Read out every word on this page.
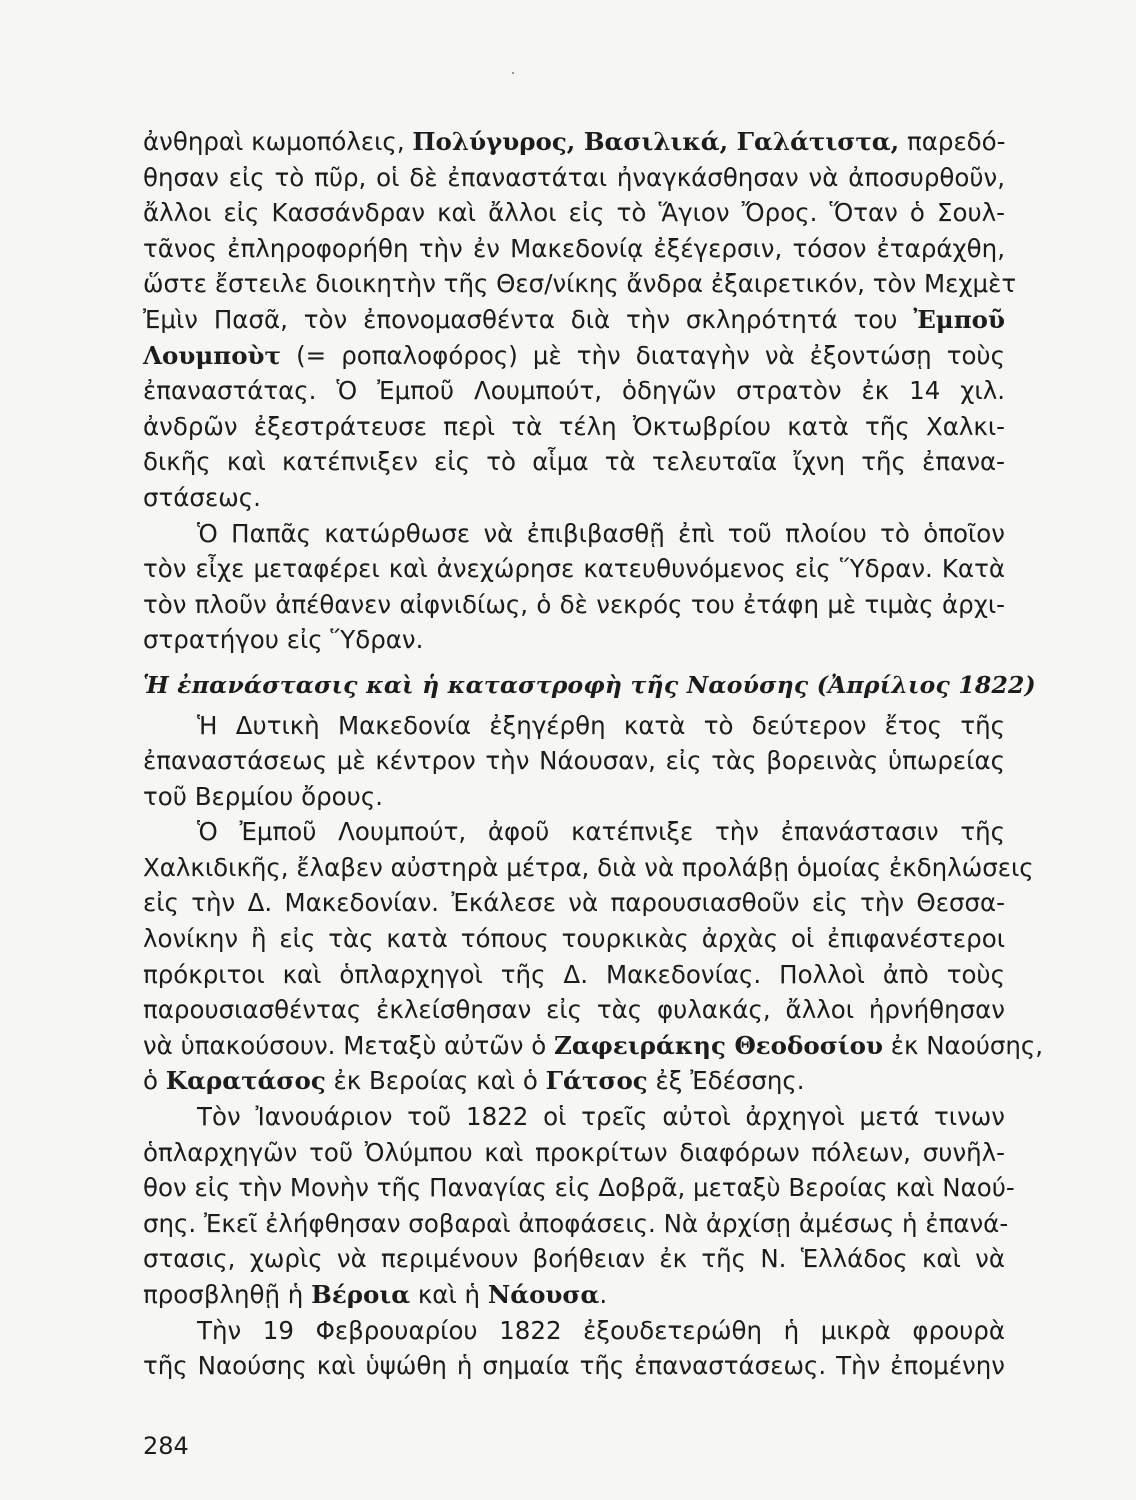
ἀνθηραὶ κωμοπόλεις, Πολύγυρος, Βασιλικά, Γαλάτιστα, παρεδό-
θησαν εἰς τὸ πῦρ, οἱ δὲ ἐπαναστάται ἠναγκάσθησαν νὰ ἀποσυρθοῦν,
ἄλλοι εἰς Κασσάνδραν καὶ ἄλλοι εἰς τὸ Ἅγιον Ὄρος. Ὅταν ὁ Σουλ-
τᾶνος ἐπληροφορήθη τὴν ἐν Μακεδονίᾳ ἐξέγερσιν, τόσον ἐταράχθη,
ὥστε ἔστειλε διοικητὴν τῆς Θεσ/νίκης ἄνδρα ἐξαιρετικόν, τὸν Μεχμὲτ
Ἐμὶν Πασᾶ, τὸν ἐπονομασθέντα διὰ τὴν σκληρότητά του Ἐμποῦ
Λουμποὺτ (= ροπαλοφόρος) μὲ τὴν διαταγὴν νὰ ἐξοντώσῃ τοὺς
ἐπαναστάτας. Ὁ Ἐμποῦ Λουμπούτ, ὁδηγῶν στρατὸν ἐκ 14 χιλ.
ἀνδρῶν ἐξεστράτευσε περὶ τὰ τέλη Ὀκτωβρίου κατὰ τῆς Χαλκι-
δικῆς καὶ κατέπνιξεν εἰς τὸ αἷμα τὰ τελευταῖα ἴχνη τῆς ἐπανα-
στάσεως.
Ὁ Παπᾶς κατώρθωσε νὰ ἐπιβιβασθῇ ἐπὶ τοῦ πλοίου τὸ ὁποῖον
τὸν εἶχε μεταφέρει καὶ ἀνεχώρησε κατευθυνόμενος εἰς Ὕδραν. Κατὰ
τὸν πλοῦν ἀπέθανεν αἰφνιδίως, ὁ δὲ νεκρός του ἐτάφη μὲ τιμὰς ἀρχι-
στρατήγου εἰς Ὕδραν.
Ἡ ἐπανάστασις καὶ ἡ καταστροφὴ τῆς Ναούσης (Ἀπρίλιος 1822)
Ἡ Δυτικὴ Μακεδονία ἐξηγέρθη κατὰ τὸ δεύτερον ἔτος τῆς
ἐπαναστάσεως μὲ κέντρον τὴν Νάουσαν, εἰς τὰς βορεινὰς ὑπωρείας
τοῦ Βερμίου ὄρους.
Ὁ Ἐμποῦ Λουμπούτ, ἀφοῦ κατέπνιξε τὴν ἐπανάστασιν τῆς
Χαλκιδικῆς, ἔλαβεν αὐστηρὰ μέτρα, διὰ νὰ προλάβῃ ὁμοίας ἐκδηλώσεις
εἰς τὴν Δ. Μακεδονίαν. Ἐκάλεσε νὰ παρουσιασθοῦν εἰς τὴν Θεσσα-
λονίκην ἢ εἰς τὰς κατὰ τόπους τουρκικὰς ἀρχὰς οἱ ἐπιφανέστεροι
πρόκριτοι καὶ ὁπλαρχηγοὶ τῆς Δ. Μακεδονίας. Πολλοὶ ἀπὸ τοὺς
παρουσιασθέντας ἐκλείσθησαν εἰς τὰς φυλακάς, ἄλλοι ἠρνήθησαν
νὰ ὑπακούσουν. Μεταξὺ αὐτῶν ὁ Ζαφειράκης Θεοδοσίου ἐκ Ναούσης,
ὁ Καρατάσος ἐκ Βεροίας καὶ ὁ Γάτσος ἐξ Ἐδέσσης.
Τὸν Ἰανουάριον τοῦ 1822 οἱ τρεῖς αὐτοὶ ἀρχηγοὶ μετά τινων
ὁπλαρχηγῶν τοῦ Ὀλύμπου καὶ προκρίτων διαφόρων πόλεων, συνῆλ-
θον εἰς τὴν Μονὴν τῆς Παναγίας εἰς Δοβρᾶ, μεταξὺ Βεροίας καὶ Ναού-
σης. Ἐκεῖ ἐλήφθησαν σοβαραὶ ἀποφάσεις. Νὰ ἀρχίσῃ ἀμέσως ἡ ἐπανά-
στασις, χωρὶς νὰ περιμένουν βοήθειαν ἐκ τῆς Ν. Ἑλλάδος καὶ νὰ
προσβληθῇ ἡ Βέροια καὶ ἡ Νάουσα.
Τὴν 19 Φεβρουαρίου 1822 ἐξουδετερώθη ἡ μικρὰ φρουρὰ
τῆς Ναούσης καὶ ὑψώθη ἡ σημαία τῆς ἐπαναστάσεως. Τὴν ἐπομένην
284
